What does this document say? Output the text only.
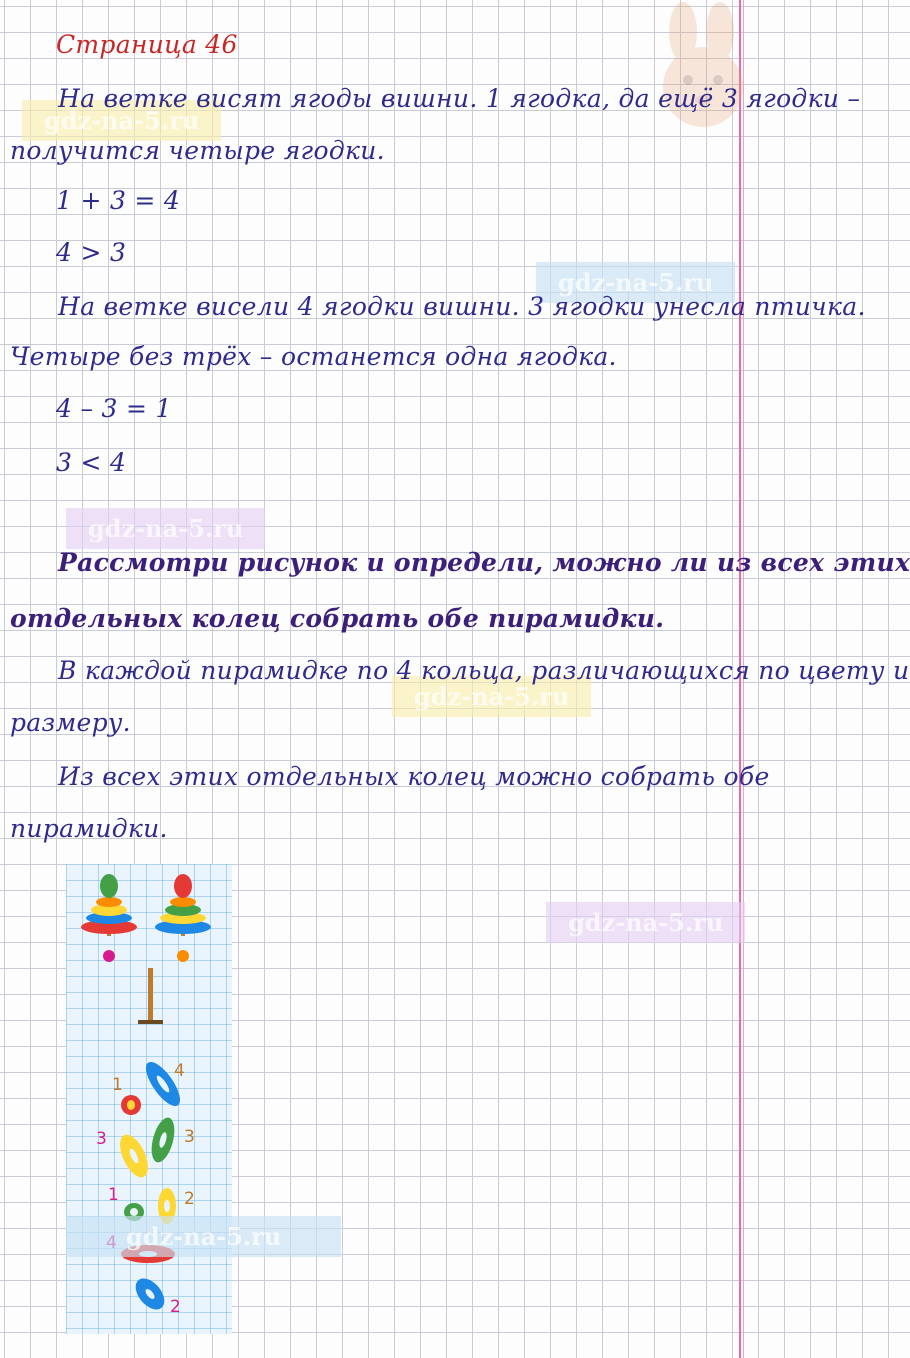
gdz-na-5.ru
gdz-na-5.ru
gdz-na-5.ru
gdz-na-5.ru
gdz-na-5.ru
Страница 46
На ветке висят ягоды вишни. 1 ягодка, да ещё 3 ягодки –
получится четыре ягодки.
1 + 3 = 4
4 > 3
На ветке висели 4 ягодки вишни. 3 ягодки унесла птичка.
Четыре без трёх – останется одна ягодка.
4 – 3 = 1
3 < 4
Рассмотри рисунок и определи, можно ли из всех этих
отдельных колец собрать обе пирамидки.
В каждой пирамидке по 4 кольца, различающихся по цвету и
размеру.
Из всех этих отдельных колец можно собрать обе
пирамидки.
4
1
3	3
1	2
2
gdz-na-5.ru
